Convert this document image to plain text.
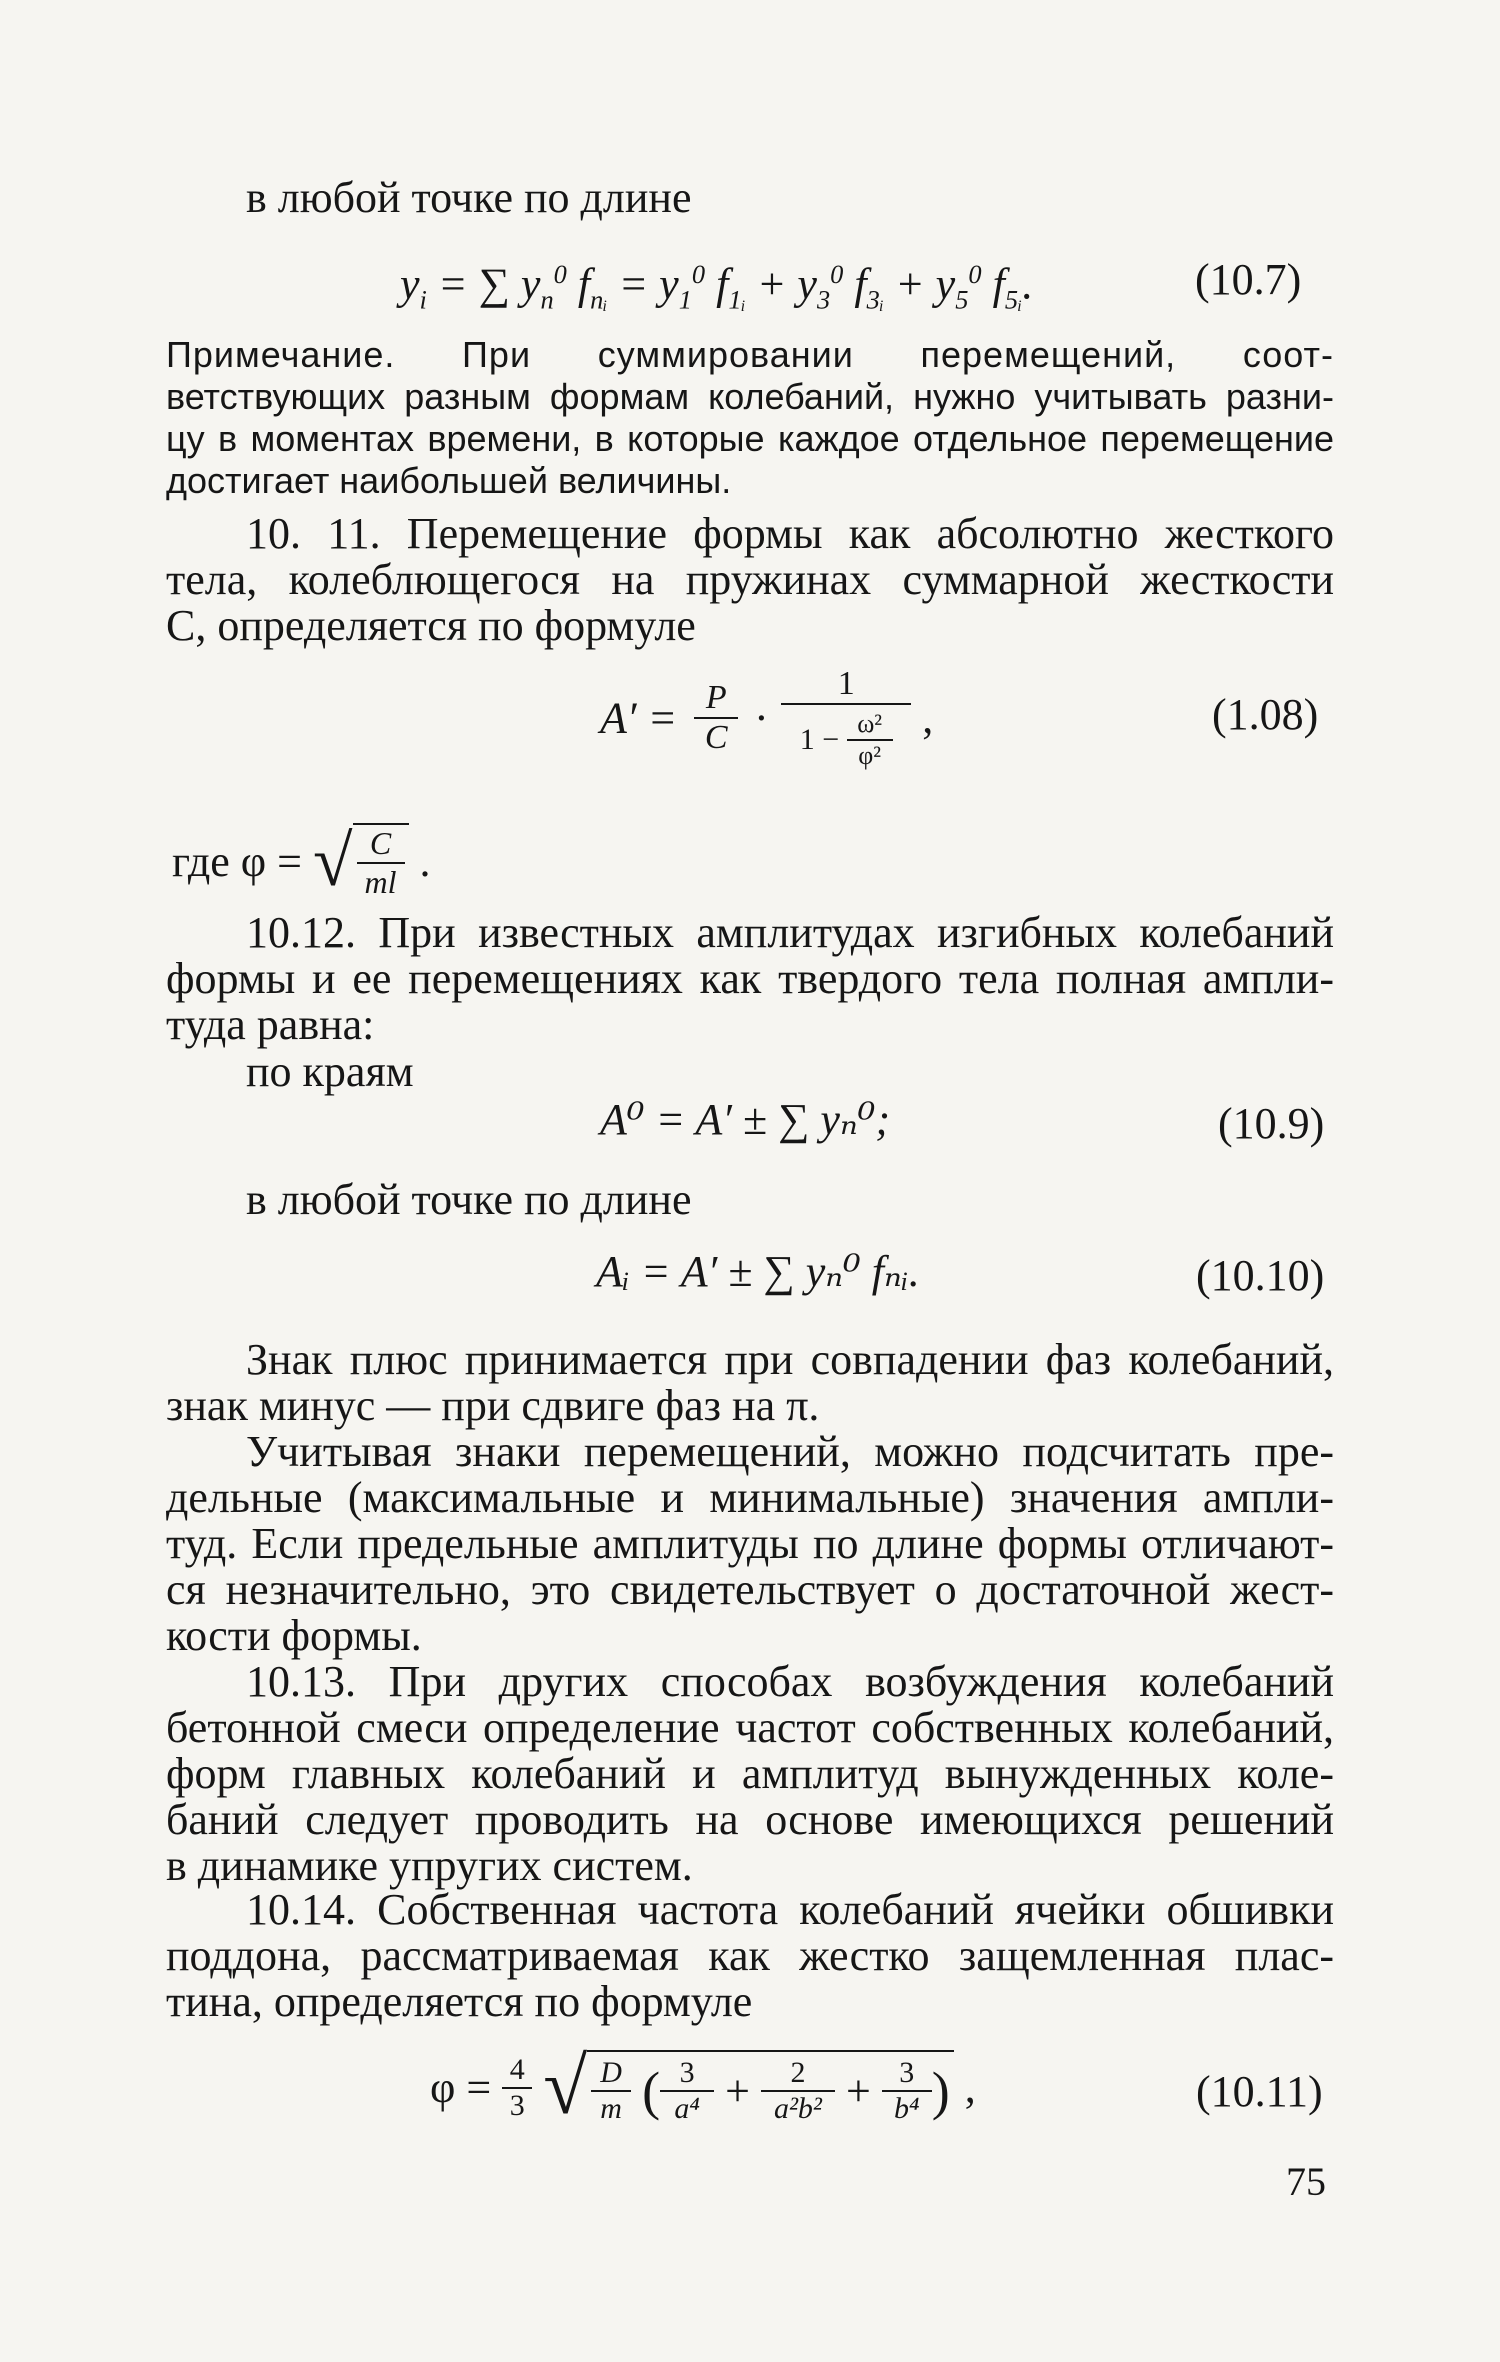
в любой точке по длине
$y_i$ = ∑ $y_n^0$ $f_{nᵢ} = y_1^0$ $f_{1ᵢ} + y_3^0$ $f_{3ᵢ} + y_5^0$ $f_{5ᵢ}$.	(10.7)
Примечание. При суммировании перемещений, соот-
ветствующих разным формам колебаний, нужно учитывать разни-
цу в моментах времени, в которые каждое отдельное перемещение
достигает наибольшей величины.
10. 11. Перемещение формы как абсолютно жесткого
тела, колеблющегося на пружинах суммарной жесткости
C, определяется по формуле
$A' = \frac{P}{C} \cdot \frac{1}{1 - \frac{\text{ω²}}{\text{φ²}}}$ ,	(1.08)
где φ = √ $\frac{C}{ml}$ .
10.12. При известных амплитудах изгибных колебаний
формы и ее перемещениях как твердого тела полная ампли-
туда равна:
по краям
A⁰ = A′ ± ∑ yₙ⁰;	(10.9)
в любой точке по длине
Aᵢ = A′ ± ∑ yₙ⁰ fₙᵢ.	(10.10)
Знак плюс принимается при совпадении фаз колебаний,
знак минус — при сдвиге фаз на π.
Учитывая знаки перемещений, можно подсчитать пре-
дельные (максимальные и минимальные) значения ампли-
туд. Если предельные амплитуды по длине формы отличают-
ся незначительно, это свидетельствует о достаточной жест-
кости формы.
10.13. При других способах возбуждения колебаний
бетонной смеси определение частот собственных колебаний,
форм главных колебаний и амплитуд вынужденных коле-
баний следует проводить на основе имеющихся решений
в динамике упругих систем.
10.14. Собственная частота колебаний ячейки обшивки
поддона, рассматриваемая как жестко защемленная плас-
тина, определяется по формуле
$\varphi = \frac{4}{3}$ √ $\frac{D}{m}$ ( $\frac{3}{\text{a⁴}} + \frac{2}{\text{a²b²}} + \frac{3}{\text{b⁴}}$ ) ,	(10.11)
75
